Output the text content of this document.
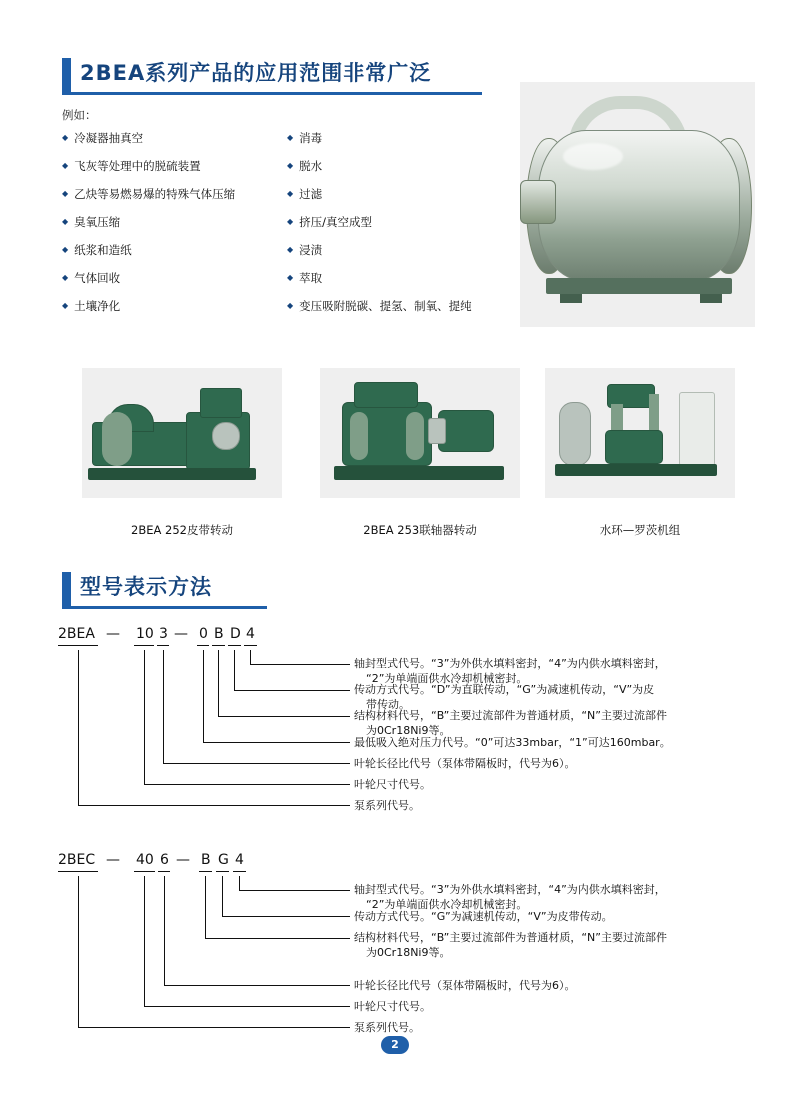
2BEA系列产品的应用范围非常广泛
例如：
◆ 冷凝器抽真空
◆ 飞灰等处理中的脱硫装置
◆ 乙炔等易燃易爆的特殊气体压缩
◆ 臭氧压缩
◆ 纸浆和造纸
◆ 气体回收
◆ 土壤净化
◆ 消毒
◆ 脱水
◆ 过滤
◆ 挤压/真空成型
◆ 浸渍
◆ 萃取
◆ 变压吸附脱碳、提氢、制氧、提纯
2BEA 252皮带转动	2BEA 253联轴器转动	水环—罗茨机组
型号表示方法
2BEA — 10 3 — 0 B D 4
轴封型式代号。“3”为外供水填料密封，“4”为内供水填料密封，
“2”为单端面供水冷却机械密封。
传动方式代号。“D”为直联传动，“G”为减速机传动，“V”为皮
带传动。
结构材料代号，“B”主要过流部件为普通材质，“N”主要过流部件
为0Cr18Ni9等。
最低吸入绝对压力代号。“0”可达33mbar，“1”可达160mbar。
叶轮长径比代号（泵体带隔板时，代号为6）。
叶轮尺寸代号。
泵系列代号。
2BEC — 40 6 — B G 4
轴封型式代号。“3”为外供水填料密封，“4”为内供水填料密封，
“2”为单端面供水冷却机械密封。
传动方式代号。“G”为减速机传动，“V”为皮带传动。
结构材料代号，“B”主要过流部件为普通材质，“N”主要过流部件
为0Cr18Ni9等。
叶轮长径比代号（泵体带隔板时，代号为6）。
叶轮尺寸代号。
泵系列代号。
2
